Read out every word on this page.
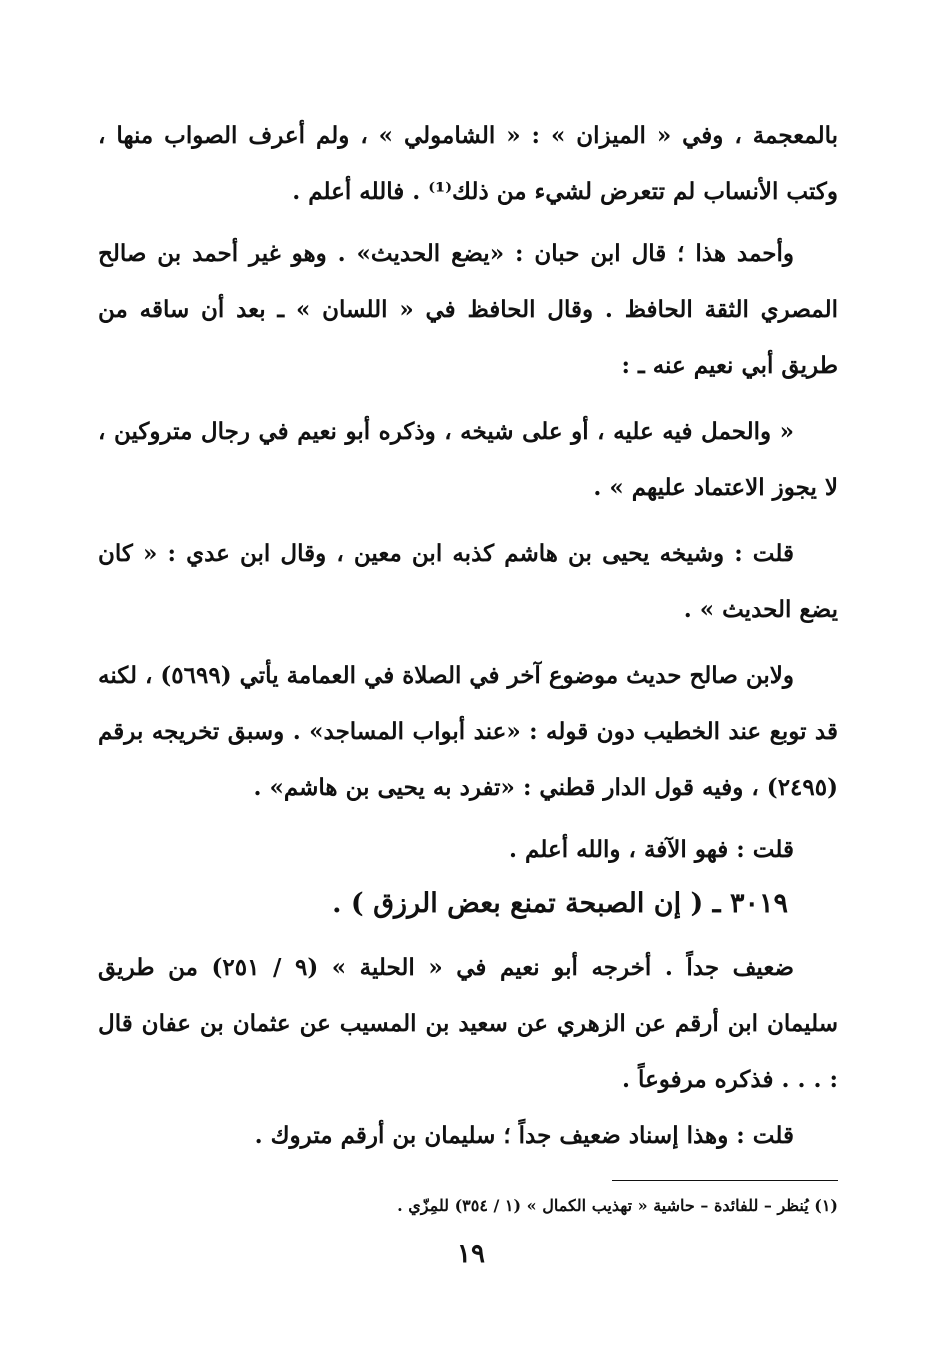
بالمعجمة ، وفي « الميزان » : « الشامولي » ، ولم أعرف الصواب منها ، وكتب الأنساب لم تتعرض لشيء من ذلك⁽¹⁾ . فالله أعلم .

وأحمد هذا ؛ قال ابن حبان : «يضع الحديث» . وهو غير أحمد بن صالح المصري الثقة الحافظ . وقال الحافظ في « اللسان » ـ بعد أن ساقه من طريق أبي نعيم عنه ـ :

« والحمل فيه عليه ، أو على شيخه ، وذكره أبو نعيم في رجال متروكين ، لا يجوز الاعتماد عليهم » .

قلت : وشيخه يحيى بن هاشم كذبه ابن معين ، وقال ابن عدي : « كان يضع الحديث » .

ولابن صالح حديث موضوع آخر في الصلاة في العمامة يأتي (٥٦٩٩) ، لكنه قد توبع عند الخطيب دون قوله : «عند أبواب المساجد» . وسبق تخريجه برقم (٢٤٩٥) ، وفيه قول الدار قطني : «تفرد به يحيى بن هاشم» .

قلت : فهو الآفة ، والله أعلم .

٣٠١٩ ـ ( إن الصبحة تمنع بعض الرزق ) .

ضعيف جداً . أخرجه أبو نعيم في « الحلية » (٩ / ٢٥١) من طريق سليمان ابن أرقم عن الزهري عن سعيد بن المسيب عن عثمان بن عفان قال : . . . فذكره مرفوعاً .

قلت : وهذا إسناد ضعيف جداً ؛ سليمان بن أرقم متروك .

(١) يُنظر – للفائدة – حاشية « تهذيب الكمال » (١ / ٣٥٤) للمِزّي .
١٩
